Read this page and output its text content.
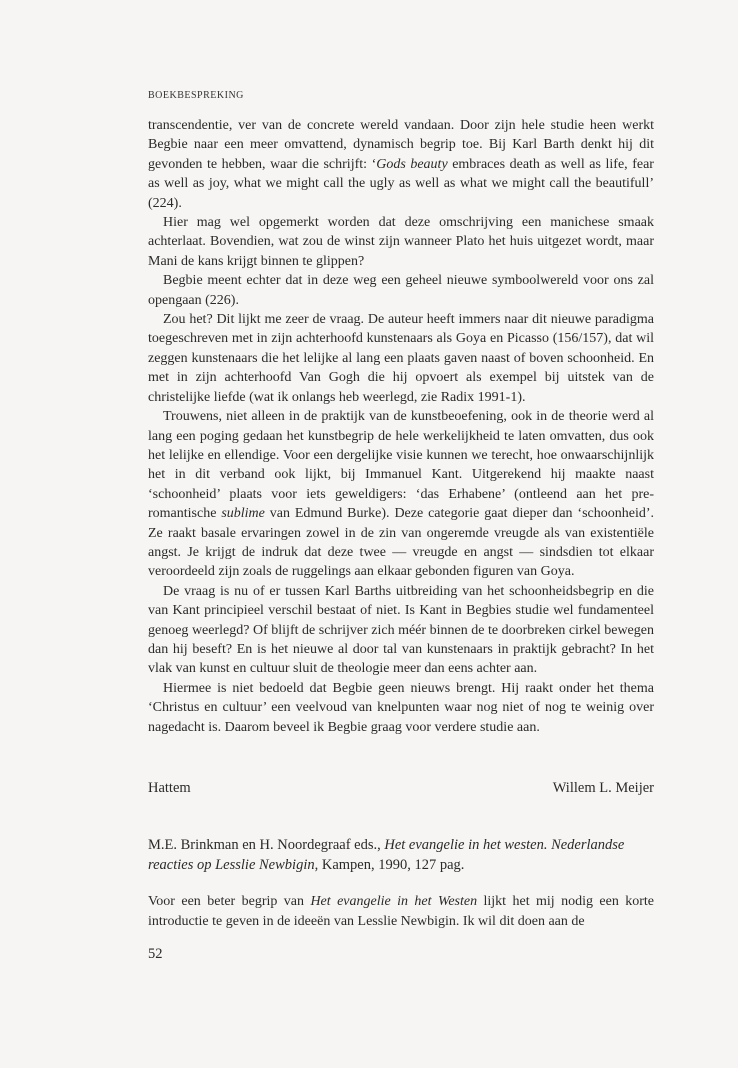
BOEKBESPREKING

transcendentie, ver van de concrete wereld vandaan. Door zijn hele studie heen werkt Begbie naar een meer omvattend, dynamisch begrip toe. Bij Karl Barth denkt hij dit gevonden te hebben, waar die schrijft: ‘Gods beauty embraces death as well as life, fear as well as joy, what we might call the ugly as well as what we might call the beautifull’ (224).

Hier mag wel opgemerkt worden dat deze omschrijving een manichese smaak achterlaat. Bovendien, wat zou de winst zijn wanneer Plato het huis uitgezet wordt, maar Mani de kans krijgt binnen te glippen?

Begbie meent echter dat in deze weg een geheel nieuwe symboolwereld voor ons zal opengaan (226).

Zou het? Dit lijkt me zeer de vraag. De auteur heeft immers naar dit nieuwe paradigma toegeschreven met in zijn achterhoofd kunstenaars als Goya en Picasso (156/157), dat wil zeggen kunstenaars die het lelijke al lang een plaats gaven naast of boven schoonheid. En met in zijn achterhoofd Van Gogh die hij opvoert als exempel bij uitstek van de christelijke liefde (wat ik onlangs heb weerlegd, zie Radix 1991-1).

Trouwens, niet alleen in de praktijk van de kunstbeoefening, ook in de theorie werd al lang een poging gedaan het kunstbegrip de hele werkelijkheid te laten omvatten, dus ook het lelijke en ellendige. Voor een dergelijke visie kunnen we terecht, hoe onwaarschijnlijk het in dit verband ook lijkt, bij Immanuel Kant. Uitgerekend hij maakte naast ‘schoonheid’ plaats voor iets geweldigers: ‘das Erhabene’ (ontleend aan het pre-romantische sublime van Edmund Burke). Deze categorie gaat dieper dan ‘schoonheid’. Ze raakt basale ervaringen zowel in de zin van ongeremde vreugde als van existentiële angst. Je krijgt de indruk dat deze twee — vreugde en angst — sindsdien tot elkaar veroordeeld zijn zoals de ruggelings aan elkaar gebonden figuren van Goya.

De vraag is nu of er tussen Karl Barths uitbreiding van het schoonheidsbegrip en die van Kant principieel verschil bestaat of niet. Is Kant in Begbies studie wel fundamenteel genoeg weerlegd? Of blijft de schrijver zich méér binnen de te doorbreken cirkel bewegen dan hij beseft? En is het nieuwe al door tal van kunstenaars in praktijk gebracht? In het vlak van kunst en cultuur sluit de theologie meer dan eens achter aan.

Hiermee is niet bedoeld dat Begbie geen nieuws brengt. Hij raakt onder het thema ‘Christus en cultuur’ een veelvoud van knelpunten waar nog niet of nog te weinig over nagedacht is. Daarom beveel ik Begbie graag voor verdere studie aan.

Hattem	Willem L. Meijer
M.E. Brinkman en H. Noordegraaf eds., Het evangelie in het westen. Nederlandse reacties op Lesslie Newbigin, Kampen, 1990, 127 pag.
Voor een beter begrip van Het evangelie in het Westen lijkt het mij nodig een korte introductie te geven in de ideeën van Lesslie Newbigin. Ik wil dit doen aan de
52
